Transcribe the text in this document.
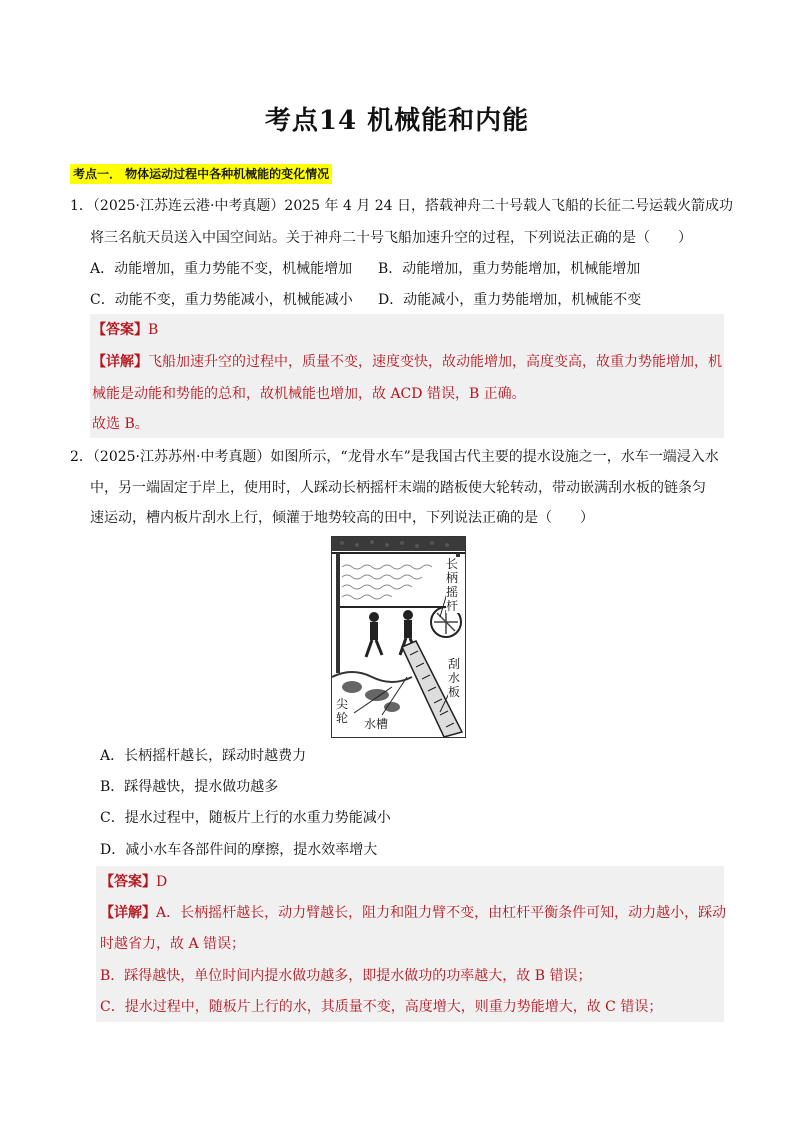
考点14 机械能和内能
考点一． 物体运动过程中各种机械能的变化情况
1．（2025·江苏连云港·中考真题）2025 年 4 月 24 日，搭载神舟二十号载人飞船的长征二号运载火箭成功
将三名航天员送入中国空间站。关于神舟二十号飞船加速升空的过程，下列说法正确的是（　　）
A．动能增加，重力势能不变，机械能增加 B．动能增加，重力势能增加，机械能增加
C．动能不变，重力势能减小，机械能减小 D．动能减小，重力势能增加，机械能不变
【答案】B
【详解】飞船加速升空的过程中，质量不变，速度变快，故动能增加，高度变高，故重力势能增加，机
械能是动能和势能的总和，故机械能也增加，故 ACD 错误，B 正确。
故选 B。
2．（2025·江苏苏州·中考真题）如图所示，“龙骨水车”是我国古代主要的提水设施之一，水车一端浸入水
中，另一端固定于岸上，使用时，人踩动长柄摇杆末端的踏板使大轮转动，带动嵌满刮水板的链条匀
速运动，槽内板片刮水上行，倾灌于地势较高的田中，下列说法正确的是（　　）
长柄摇杆
刮水板
尖轮 水槽
A．长柄摇杆越长，踩动时越费力
B．踩得越快，提水做功越多
C．提水过程中，随板片上行的水重力势能减小
D．减小水车各部件间的摩擦，提水效率增大
【答案】D
【详解】A．长柄摇杆越长，动力臂越长，阻力和阻力臂不变，由杠杆平衡条件可知，动力越小，踩动
时越省力，故 A 错误；
B．踩得越快，单位时间内提水做功越多，即提水做功的功率越大，故 B 错误；
C．提水过程中，随板片上行的水，其质量不变，高度增大，则重力势能增大，故 C 错误；
